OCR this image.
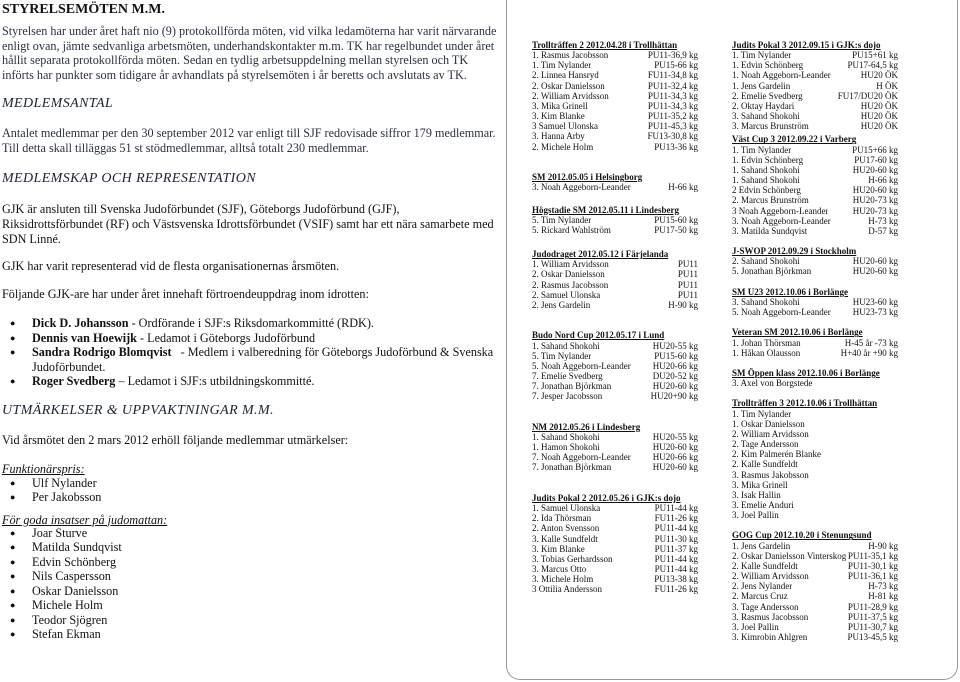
STYRELSEMÖTEN M.M.

Styrelsen har under året haft nio (9) protokollförda möten, vid vilka ledamöterna har varit närvarande enligt ovan, jämte sedvanliga arbetsmöten, underhandskontakter m.m. TK har regelbundet under året hållit separata protokollförda möten. Sedan en tydlig arbetsuppdelning mellan styrelsen och TK införts har punkter som tidigare år avhandlats på styrelsemöten i år beretts och avslutats av TK.

MEDLEMSANTAL

Antalet medlemmar per den 30 september 2012 var enligt till SJF redovisade siffror 179 medlemmar. Till detta skall tilläggas 51 st stödmedlemmar, alltså totalt 230 medlemmar.

MEDLEMSKAP OCH REPRESENTATION

GJK är ansluten till Svenska Judoförbundet (SJF), Göteborgs Judoförbund (GJF), Riksidrottsförbundet (RF) och Västsvenska Idrottsförbundet (VSIF) samt har ett nära samarbete med SDN Linné.

GJK har varit representerad vid de flesta organisationernas årsmöten.

Följande GJK-are har under året innehaft förtroendeuppdrag inom idrotten:

● Dick D. Johansson - Ordförande i SJF:s Riksdomarkommitté (RDK).
● Dennis van Hoewijk - Ledamot i Göteborgs Judoförbund
● Sandra Rodrigo Blomqvist   - Medlem i valberedning för Göteborgs Judoförbund & Svenska Judoförbundet.
● Roger Svedberg – Ledamot i SJF:s utbildningskommitté.

UTMÄRKELSER & UPPVAKTNINGAR M.M.

Vid årsmötet den 2 mars 2012 erhöll följande medlemmar utmärkelser:

Funktionärspris:

● Ulf Nylander
● Per Jakobsson

För goda insatser på judomattan:

● Joar Sturve
● Matilda Sundqvist
● Edvin Schönberg
● Nils Caspersson
● Oskar Danielsson
● Michele Holm
● Teodor Sjögren
● Stefan Ekman
Trollträffen 2 2012.04.28 i Trollhättan
1. Rasmus Jacobsson	PU11-36,9 kg
1. Tim Nylander	PU15-66 kg
2. Linnea Hansryd	FU11-34,8 kg
2. Oskar Danielsson	PU11-32,4 kg
2. William Arvidsson	PU11-34,3 kg
3. Mika Grinell	PU11-34,3 kg
3. Kim Blanke	PU11-35,2 kg
3 Samuel Ulonska	PU11-45,3 kg
3. Hanna Arby	FU13-30,8 kg
2. Michele Holm	PU13-36 kg
SM 2012.05.05 i Helsingborg
3. Noah Aggeborn-Leander	H-66 kg
Högstadie SM 2012.05.11 i Lindesberg
5. Tim Nylander	PU15-60 kg
5. Rickard Wahlström	PU17-50 kg
Judodraget 2012.05.12 i Färjelanda
1. William Arvidsson	PU11
2. Oskar Danielsson	PU11
2. Rasmus Jacobsson	PU11
2. Samuel Ulonska	PU11
2. Jens Gardelin	H-90 kg
Budo Nord Cup 2012.05.17 i Lund
1. Sahand Shokohi	HU20-55 kg
5. Tim Nylander	PU15-60 kg
5. Noah Aggeborn-Leander HU20-66 kg
7. Emelie Svedberg	DU20-52 kg
7. Jonathan Björkman	HU20-60 kg
7. Jesper Jacobsson	HU20+90 kg
NM 2012.05.26 i Lindesberg
1. Sahand Shokohi	HU20-55 kg
1. Hamon Shokohi	HU20-60 kg
7. Noah Aggeborn-Leander HU20-66 kg
7. Jonathan Björkman	HU20-60 kg
Judits Pokal 2 2012.05.26 i GJK:s dojo
1. Samuel Ulonska	PU11-44 kg
2. Ida Thörsman	FU11-26 kg
2. Anton Svensson	PU11-44 kg
3. Kalle Sundfeldt	PU11-30 kg
3. Kim Blanke	PU11-37 kg
3. Tobias Gerhardsson	PU11-44 kg
3. Marcus Otto	PU11-44 kg
3. Michele Holm	PU13-38 kg
3 Ottilia Andersson	FU11-26 kg
Judits Pokal 3 2012.09.15 i GJK:s dojo
1. Tim Nylander	PU15+61 kg
1. Edvin Schönberg	PU17-64,5 kg
1. Noah Aggeborn-Leander	HU20 ÖK
1. Jens Gardelin	H ÖK
2. Emelie Svedberg	FU17/DU20 ÖK
2. Oktay Haydari	HU20 ÖK
3. Sahand Shokohi	HU20 ÖK
3. Marcus Brunström	HU20 ÖK
Väst Cup 3 2012.09.22 i Varberg
1. Tim Nylander	PU15+66 kg
1. Edvin Schönberg	PU17-60 kg
1. Sahand Shokohi	HU20-60 kg
1. Sahand Shokohi	H-66 kg
2 Edvin Schönberg	HU20-60 kg
2. Marcus Brunström	HU20-73 kg
3 Noah Aggeborn-Leander	HU20-73 kg
3. Noah Aggeborn-Leander	H-73 kg
3. Matilda Sundqvist	D-57 kg
J-SWOP 2012.09.29 i Stockholm
2. Sahand Shokohi	HU20-60 kg
5. Jonathan Björkman	HU20-60 kg
SM U23 2012.10.06 i Borlänge
3. Sahand Shokohi	HU23-60 kg
5. Noah Aggeborn-Leander HU23-73 kg
Veteran SM 2012.10.06 i Borlänge
1. Johan Thörsman	H-45 år -73 kg
1. Håkan Olausson	H+40 år +90 kg
SM Öppen klass 2012.10.06 i Borlänge
3. Axel von Borgstede
Trollträffen 3 2012.10.06 i Trollhättan
1. Tim Nylander
1. Oskar Danielsson
2. William Arvidsson
2. Tage Andersson
2. Kim Palmerén Blanke
2. Kalle Sundfeldt
3. Rasmus Jakobsson
3. Mika Grinell
3. Isak Hallin
3. Emelie Anduri
3. Joel Pallin
GOG Cup 2012.10.20 i Stenungsund
1. Jens Gardelin	H-90 kg
2. Oskar Danielsson Vinterskog PU11-35,1 kg
2. Kalle Sundfeldt	PU11-30,1 kg
2. William Arvidsson	PU11-36,1 kg
2. Jens Nylander	H-73 kg
2. Marcus Cruz	H-81 kg
3. Tage Andersson	PU11-28,9 kg
3. Rasmus Jacobsson	PU11-37,5 kg
3. Joel Pallin	PU11-30,7 kg
3. Kimrobin Ahlgren	PU13-45,5 kg
